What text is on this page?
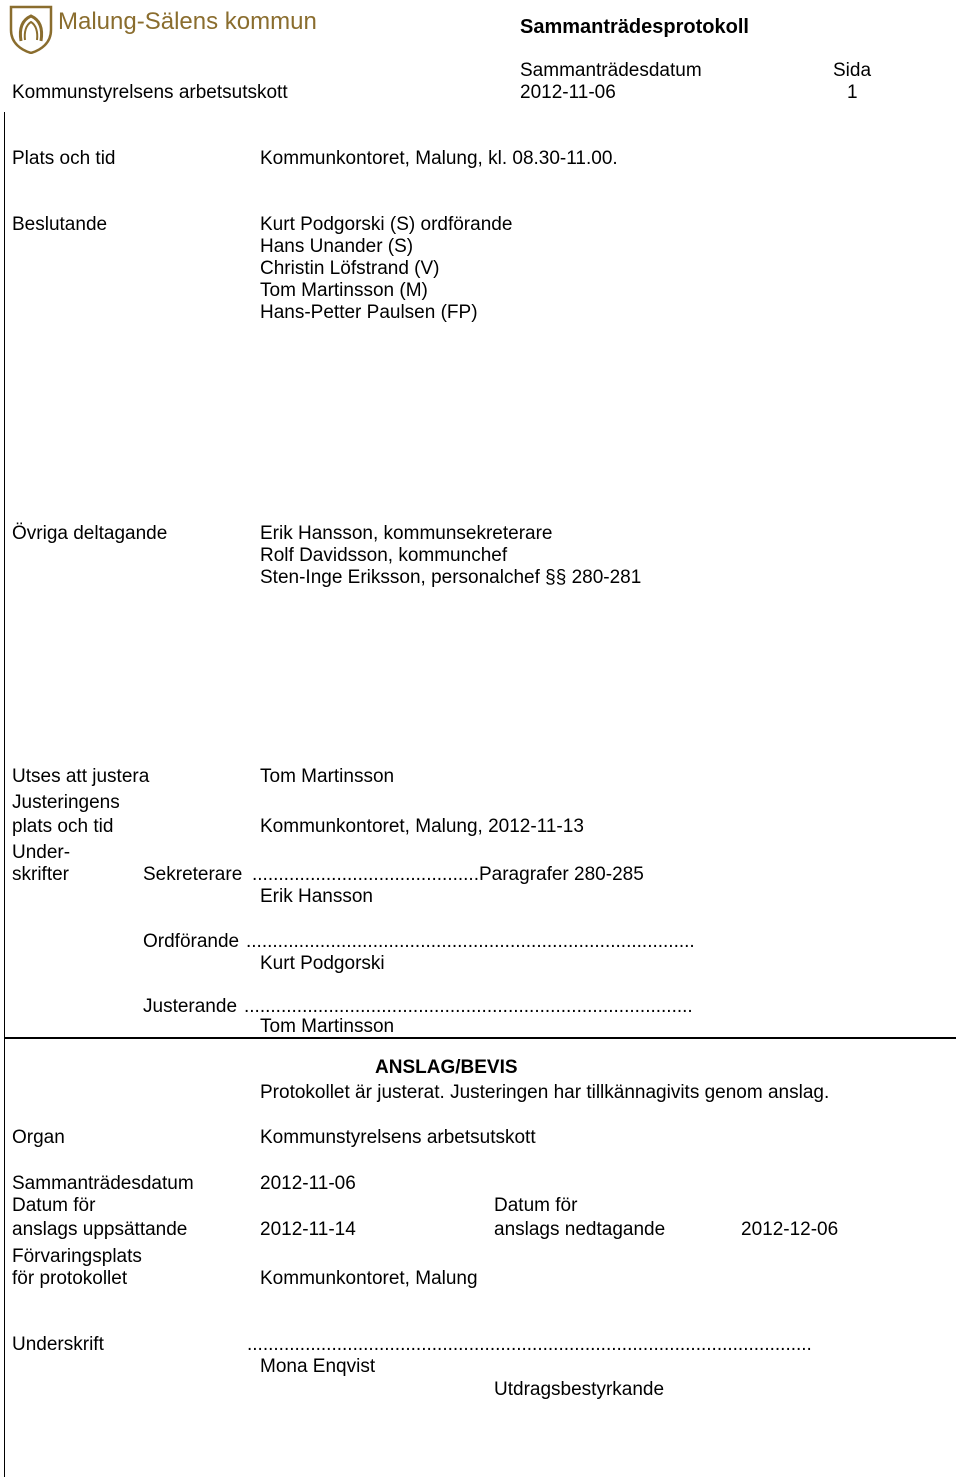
Malung-Sälens kommun	Sammanträdesprotokoll
Sammanträdesdatum	Sida
Kommunstyrelsens arbetsutskott	2012-11-06	1
Plats och tid	Kommunkontoret, Malung, kl. 08.30-11.00.
Beslutande	Kurt Podgorski (S) ordförande
Hans Unander (S)
Christin Löfstrand (V)
Tom Martinsson (M)
Hans-Petter Paulsen (FP)
Övriga deltagande	Erik Hansson, kommunsekreterare
Rolf Davidsson, kommunchef
Sten-Inge Eriksson, personalchef §§ 280-281
Utses att justera	Tom Martinsson
Justeringens
plats och tid	Kommunkontoret, Malung, 2012-11-13
Under-
skrifter	Sekreterare ...........................................Paragrafer 280-285
Erik Hansson
Ordförande .....................................................................................
Kurt Podgorski
Justerande .....................................................................................
Tom Martinsson
ANSLAG/BEVIS
Protokollet är justerat. Justeringen har tillkännagivits genom anslag.
Organ	Kommunstyrelsens arbetsutskott
Sammanträdesdatum	2012-11-06
Datum för	Datum för
anslags uppsättande	2012-11-14	anslags nedtagande	2012-12-06
Förvaringsplats
för protokollet	Kommunkontoret, Malung
Underskrift	...........................................................................................................
Mona Enqvist
Utdragsbestyrkande
